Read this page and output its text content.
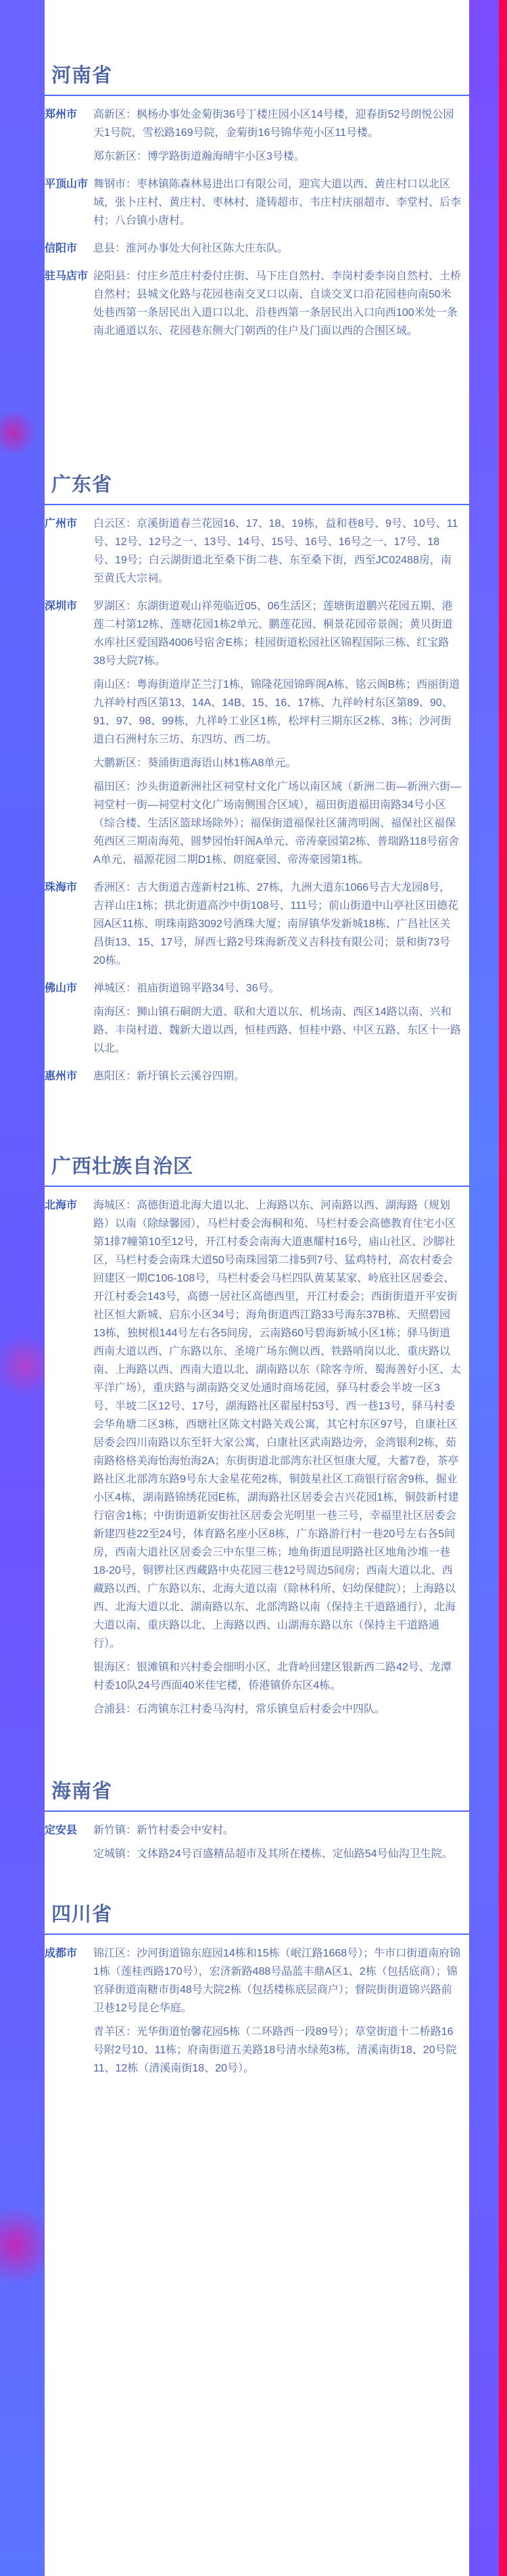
河南省
郑州市	高新区：枫杨办事处金菊街36号丁楼庄园小区14号楼，迎春街52号朗悦公园天1号院，雪松路169号院，金菊街16号锦华苑小区11号楼。
郑东新区：博学路街道瀚海晴宇小区3号楼。
平顶山市 舞钢市：枣林镇陈森林易进出口有限公司，迎宾大道以西、黄庄村口以北区域，张卜庄村、黄庄村、枣林村、逄铸超市、韦庄村庆丽超市、李堂村、后李村；八台镇小唐村。
信阳市	息县：淮河办事处大何社区陈大庄东队。
驻马店市 泌阳县：付庄乡范庄村委付庄街、马下庄自然村、李岗村委李岗自然村、土桥自然村；县城文化路与花园巷南交叉口以南、自谈交叉口沿花园巷向南50米处巷西第一条居民出入道口以北、沿巷西第一条居民出入口向西100米处一条南北通道以东、花园巷东侧大门朝西的住户及门面以西的合围区域。
广东省
广州市	白云区：京溪街道春兰花园16、17、18、19栋，益和巷8号、9号、10号、11号、12号、12号之一、13号、14号、15号、16号、16号之一、17号、18号、19号；白云湖街道北至桑下街二巷、东至桑下街，西至JC02488房，南至黄氏大宗祠。
深圳市	罗湖区：东湖街道观山祥苑临近05、06生活区；莲塘街道鹏兴花园五期、港莲二村第12栋、莲塘花园1栋2单元、鹏莲花园、桐景花园帝景阁；黄贝街道水库社区爱国路4006号宿舍E栋；桂园街道松园社区锦程国际三栋、红宝路38号大院7栋。
南山区：粤海街道岸芷兰汀1栋，锦隆花园锦晖阁A栋、铭云阁B栋；西丽街道九祥岭村西区第13、14A、14B、15、16、17栋、九祥岭村东区第89、90、91、97、98、99栋，九祥岭工业区1栋，松坪村三期东区2栋、3栋；沙河街道白石洲村东三坊、东四坊、西二坊。
大鹏新区：葵涌街道海语山林1栋A8单元。
福田区：沙头街道新洲社区祠堂村文化广场以南区域（新洲二街—新洲六街—祠堂村一街—祠堂村文化广场南侧围合区域），福田街道福田南路34号小区（综合楼、生活区篮球场除外）；福保街道福保社区蒲湾明阁、福保社区福保苑西区三期南海苑、圆梦园怡轩阁A单元、帝涛豪园第2栋、普瑞路118号宿舍A单元、福源花园二期D1栋、朗庭豪园、帝涛豪园第1栋。
珠海市	香洲区：吉大街道吉莲新村21栋、27栋，九洲大道东1066号吉大龙园8号，吉祥山庄1栋；拱北街道高沙中街108号、111号；前山街道中山亭社区田德花园A区11栋、明珠南路3092号酒珠大厦；南屏镇华发新城18栋、广昌社区关昌街13、15、17号，屏西七路2号珠海新茂义吉科技有限公司；景和街73号20栋。
佛山市	禅城区：祖庙街道锦平路34号、36号。
南海区：狮山镇石硐朗大道、联和大道以东、机场南、西区14路以南、兴和路、丰岗村道、魏新大道以西，恒桂西路、恒桂中路、中区五路、东区十一路以北。
惠州市	惠阳区：新圩镇长云溪谷四期。
广西壮族自治区
北海市	海城区：高德街道北海大道以北、上海路以东、河南路以西、湖海路（规划路）以南（除绿馨园），马栏村委会海桐和苑、马栏村委会高德教育住宅小区第1排7幢第10至12号，开江村委会南海大道惠耀村16号，庙山社区、沙脚社区，马栏村委会南珠大道50号南珠园第二排5到7号、猛鸡特村，高农村委会回建区一期C106-108号，马栏村委会马栏四队黄某某家、岭底社区居委会、开江村委会143号，高德一居社区高德西里，开江村委会；西街街道开平安街社区恒大新城、启东小区34号；海角街道西江路33号海东37B栋、天照碧园13栋，独树根144号左右各5间房，云南路60号碧海新城小区1栋；驿马街道西南大道以西、广东路以东、圣境广场东侧以西、铁路哨岗以北、重庆路以南、上海路以西、西南大道以北、湖南路以东（除客寺所、蜀海善好小区、太平洋广场），重庆路与湖南路交叉处通时商场花园，驿马村委会半坡一区3号、半坡二区12号、17号，湖海路社区翟屋村53号、西一巷13号，驿马村委会华角塘二区3栋，西塘社区陈文村路关戏公寓，其它村东区97号，自康社区居委会四川南路以东至轩大家公寓，白康社区武南路边旁，金湾银利2栋，茹南路格格美海怡海怡海2A；东街街道北部湾东社区恒康大厦，大蓄7卷，茶亭路社区北部湾东路9号东大金星花苑2栋，铜鼓星社区工商银行宿舍9栋，掘业小区4栋，湖南路锦绣花园E栋，湖海路社区居委会吉兴花园1栋，铜鼓新村建行宿舍1栋；中街街道新安街社区居委会光明里一巷三号，幸福里社区居委会新建四巷22至24号，体育路名座小区8栋，广东路游行村一巷20号左右各5间房，西南大道社区居委会三中东里三栋；地角街道昆明路社区地角沙堆一巷18-20号，铜锣社区西藏路中央花园三巷12号周边5间房；西南大道以北、西藏路以西、广东路以东、北海大道以南（除林科所、妇幼保健院）；上海路以西、北海大道以北、湖南路以东、北部湾路以南（保持主干道路通行），北海大道以南、重庆路以北、上海路以西、山湖海东路以东（保持主干道路通行）。
银海区：银滩镇和兴村委会细明小区、北背岭回建区银新西二路42号、龙潭村委10队24号西面40米佳宅楼，侨港镇侨东区4栋。
合浦县：石湾镇东江村委马沟村，常乐镇皇后村委会中四队。
海南省
定安县	新竹镇：新竹村委会中安村。
定城镇：文体路24号百盛精品超市及其所在楼栋、定仙路54号仙沟卫生院。
四川省
成都市	锦江区：沙河街道锦东庭园14栋和15栋（岷江路1668号）；牛市口街道南府锦1栋（莲桂西路170号），宏济新路488号晶蓝丰鼎A区1、2栋（包括底商）；锦官驿街道南糖市街48号大院2栋（包括楼栋底层商户）；督院街街道锦兴路前卫巷12号昆仑华庭。
青羊区：光华街道怡馨花园5栋（二环路西一段89号）；草堂街道十二桥路16号附2号10、11栋；府南街道五美路18号清水绿苑3栋，清溪南街18、20号院11、12栋（清溪南街18、20号）。
